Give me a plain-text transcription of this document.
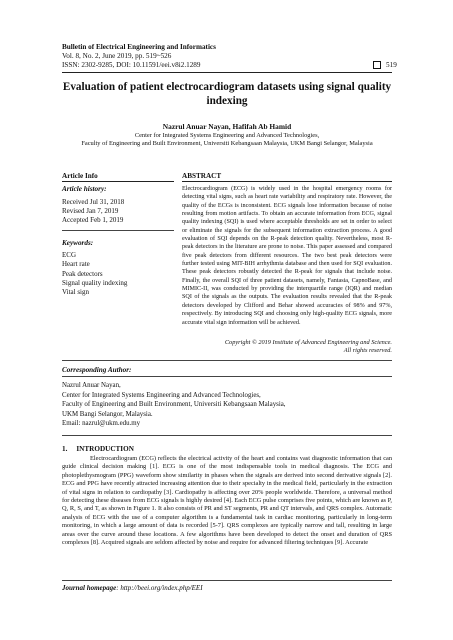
Bulletin of Electrical Engineering and Informatics
Vol. 8, No. 2, June 2019, pp. 519~526
ISSN: 2302-9285, DOI: 10.11591/eei.v8i2.1289	519
Evaluation of patient electrocardiogram datasets using signal quality indexing
Nazrul Anuar Nayan, Hafifah Ab Hamid
Center for Integrated Systems Engineering and Advanced Technologies,
Faculty of Engineering and Built Environment, Universiti Kebangsaan Malaysia, UKM Bangi Selangor, Malaysia
Article Info	ABSTRACT
Article history:
Received Jul 31, 2018
Revised Jan 7, 2019
Accepted Feb 1, 2019
Keywords:
ECG
Heart rate
Peak detectors
Signal quality indexing
Vital sign
Electrocardiogram (ECG) is widely used in the hospital emergency rooms for detecting vital signs, such as heart rate variability and respiratory rate. However, the quality of the ECGs is inconsistent. ECG signals lose information because of noise resulting from motion artifacts. To obtain an accurate information from ECG, signal quality indexing (SQI) is used where acceptable thresholds are set in order to select or eliminate the signals for the subsequent information extraction process. A good evaluation of SQI depends on the R-peak detection quality. Nevertheless, most R-peak detectors in the literature are prone to noise. This paper assessed and compared five peak detectors from different resources. The two best peak detectors were further tested using MIT-BIH arrhythmia database and then used for SQI evaluation. These peak detectors robustly detected the R-peak for signals that include noise. Finally, the overall SQI of three patient datasets, namely, Fantasia, CapnoBase, and MIMIC-II, was conducted by providing the interquartile range (IQR) and median SQI of the signals as the outputs. The evaluation results revealed that the R-peak detectors developed by Clifford and Behar showed accuracies of 98% and 97%, respectively. By introducing SQI and choosing only high-quality ECG signals, more accurate vital sign information will be achieved.
Copyright © 2019 Institute of Advanced Engineering and Science.
All rights reserved.
Corresponding Author:
Nazrul Anuar Nayan,
Center for Integrated Systems Engineering and Advanced Technologies,
Faculty of Engineering and Built Environment, Universiti Kebangsaan Malaysia,
UKM Bangi Selangor, Malaysia.
Email: nazrul@ukm.edu.my
1.     INTRODUCTION
Electrocardiogram (ECG) reflects the electrical activity of the heart and contains vast diagnostic information that can guide clinical decision making [1]. ECG is one of the most indispensable tools in medical diagnosis. The ECG and photoplethysmogram (PPG) waveform show similarity in phases when the signals are derived into second derivative signals [2]. ECG and PPG have recently attracted increasing attention due to their specialty in the medical field, particularly in the extraction of vital signs in relation to cardiopathy [3]. Cardiopathy is affecting over 20% people worldwide. Therefore, a universal method for detecting these diseases from ECG signals is highly desired [4]. Each ECG pulse comprises five points, which are known as P, Q, R, S, and T, as shown in Figure 1. It also consists of PR and ST segments, PR and QT intervals, and QRS complex. Automatic analysis of ECG with the use of a computer algorithm is a fundamental task in cardiac monitoring, particularly in long-term monitoring, in which a large amount of data is recorded [5-7]. QRS complexes are typically narrow and tall, resulting in large areas over the curve around these locations. A few algorithms have been developed to detect the onset and duration of QRS complexes [8]. Acquired signals are seldom affected by noise and require for advanced filtering techniques [9]. Accurate
Journal homepage: http://beei.org/index.php/EEI
